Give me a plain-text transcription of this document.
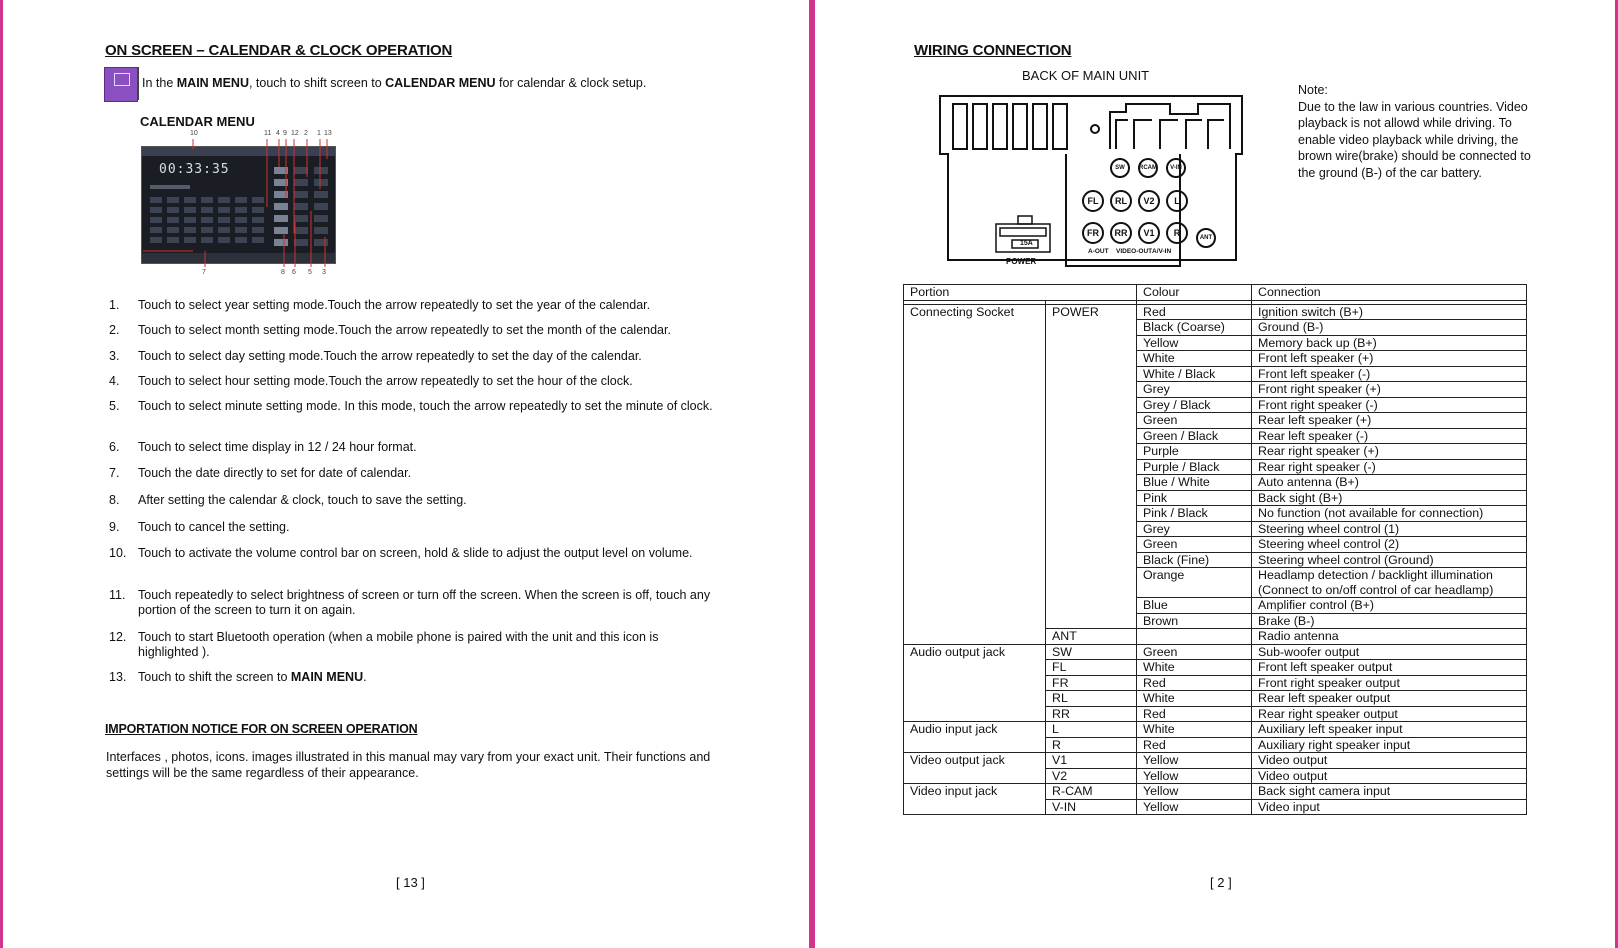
ON SCREEN – CALENDAR & CLOCK OPERATION
In the MAIN MENU, touch to shift screen to CALENDAR MENU for calendar & clock setup.
CALENDAR MENU
00:33:35
10	11 4 9 12 2 1 13
7	8 6 5 3
1.	Touch to select year setting mode.Touch the arrow repeatedly to set the year of the calendar.
2.	Touch to select month setting mode.Touch the arrow repeatedly to set the month of the calendar.
3.	Touch to select day setting mode.Touch the arrow repeatedly to set the day of the calendar.
4.	Touch to select hour setting mode.Touch the arrow repeatedly to set the hour of the clock.
5.	Touch to select minute setting mode. In this mode, touch the arrow repeatedly to set the minute of clock.
6.	Touch to select time display in 12 / 24 hour format.
7.	Touch the date directly to set for date of calendar.
8.	After setting the calendar & clock, touch to save the setting.
9.	Touch to cancel the setting.
10. Touch to activate the volume control bar on screen, hold & slide to adjust the output level on volume.
11.	Touch repeatedly to select brightness of screen or turn off the screen. When the screen is off, touch any portion of the screen to turn it on again.
12. Touch to start Bluetooth operation (when a mobile phone is paired with the unit and this icon is highlighted ).
13. Touch to shift the screen to MAIN MENU.
IMPORTATION NOTICE FOR ON SCREEN OPERATION
Interfaces , photos, icons. images illustrated in this manual may vary from your exact unit. Their functions and settings will be the same regardless of their appearance.
[ 13 ]
WIRING CONNECTION
BACK OF MAIN UNIT
15A
POWER
SW	RCAM	V-IN
FL	RL	V2	L
FR	RR	V1	R	ANT
A-OUT VIDEO-OUT A/V-IN
Note:
Due to the law in various countries. Video playback is not allowd while driving. To enable video playback while driving, the brown wire(brake) should be connected to the ground (B-) of the car battery.
Portion		Colour	Connection

Connecting Socket	POWER	Red	Ignition switch (B+)
		Black (Coarse)	Ground (B-)
		Yellow	Memory back up (B+)
		White	Front left speaker (+)
		White / Black	Front left speaker (-)
		Grey	Front right speaker (+)
		Grey / Black	Front right speaker (-)
		Green	Rear left speaker (+)
		Green / Black	Rear left speaker (-)
		Purple	Rear right speaker (+)
		Purple / Black	Rear right speaker (-)
		Blue / White	Auto antenna (B+)
		Pink	Back sight (B+)
		Pink / Black	No function (not available for connection)
		Grey	Steering wheel control (1)
		Green	Steering wheel control (2)
		Black (Fine)	Steering wheel control (Ground)
		Orange	Headlamp detection / backlight illumination
(Connect to on/off control of car headlamp)

		Blue	Amplifier control (B+)
		Brown	Brake (B-)
	ANT		Radio antenna
Audio output jack	SW	Green	Sub-woofer output
	FL	White	Front left speaker output
	FR	Red	Front right speaker output
	RL	White	Rear left speaker output
	RR	Red	Rear right speaker output
Audio input jack	L	White	Auxiliary left speaker input
	R	Red	Auxiliary right speaker input
Video output jack	V1	Yellow	Video output
	V2	Yellow	Video output
Video input jack	R-CAM	Yellow	Back sight camera input
	V-IN	Yellow	Video input
[ 2 ]
